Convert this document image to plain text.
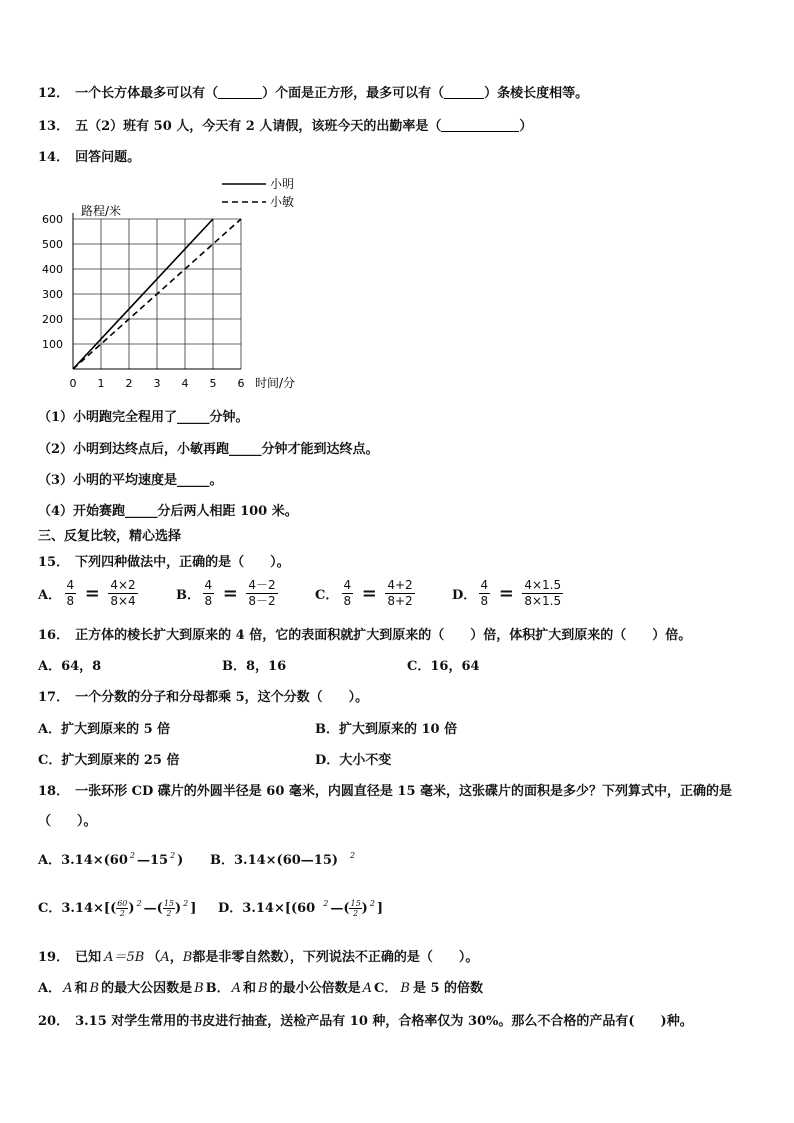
12． 一个长方体最多可以有（	）个面是正方形，最多可以有（	）条棱长度相等。
13． 五（2）班有 50 人，今天有 2 人请假，该班今天的出勤率是（	）
14． 回答问题。
0 1 2 3 4 5 6
100
200
300
400
500
600
路程/米
时间/分
小明
小敏
（1）小明跑完全程用了_____分钟。
（2）小明到达终点后，小敏再跑_____分钟才能到达终点。
（3）小明的平均速度是_____。
（4）开始赛跑_____分后两人相距 100 米。
三、反复比较，精心选择
15． 下列四种做法中，正确的是（　　）。
A． $\frac{4}{8} = \frac{4\times 2}{8\times 4}$	B． $\frac{4}{8} = \frac{4-2}{8-2}$	C． $\frac{4}{8} = \frac{4+2}{8+2}$	D． $\frac{4}{8} = \frac{4\times 1.5}{8\times 1.5}$
16． 正方体的棱长扩大到原来的 4 倍，它的表面积就扩大到原来的（　　）倍，体积扩大到原来的（　　）倍。
A．64，8	B．8，16	C．16，64
17． 一个分数的分子和分母都乘 5，这个分数（　　）。
A．扩大到原来的 5 倍	B．扩大到原来的 10 倍
C．扩大到原来的 25 倍	D．大小不变
18． 一张环形 CD 碟片的外圆半径是 60 毫米，内圆直径是 15 毫米，这张碟片的面积是多少？下列算式中，正确的是
（　　）。
A．3.14×(60 $^2$ —15 $^2$ ) B．3.14×(60—15) $^2$
C．$3.14\times[( \frac{60}{2}$ ) $^2$ —( $\frac{15}{2}$ ) $^2$ ] D．3.14×[(60 $^2$ —( $\frac{15}{2}$ ) $^2$ ]
19． 已知 A＝5B （A，B都是非零自然数），下列说法不正确的是（　　）。
A． A 和 B 的最大公因数是 B B． A 和 B 的最小公倍数是 A C． B 是 5 的倍数
20． 3.15 对学生常用的书皮进行抽查，送检产品有 10 种，合格率仅为 30%。那么不合格的产品有(　　)种。
